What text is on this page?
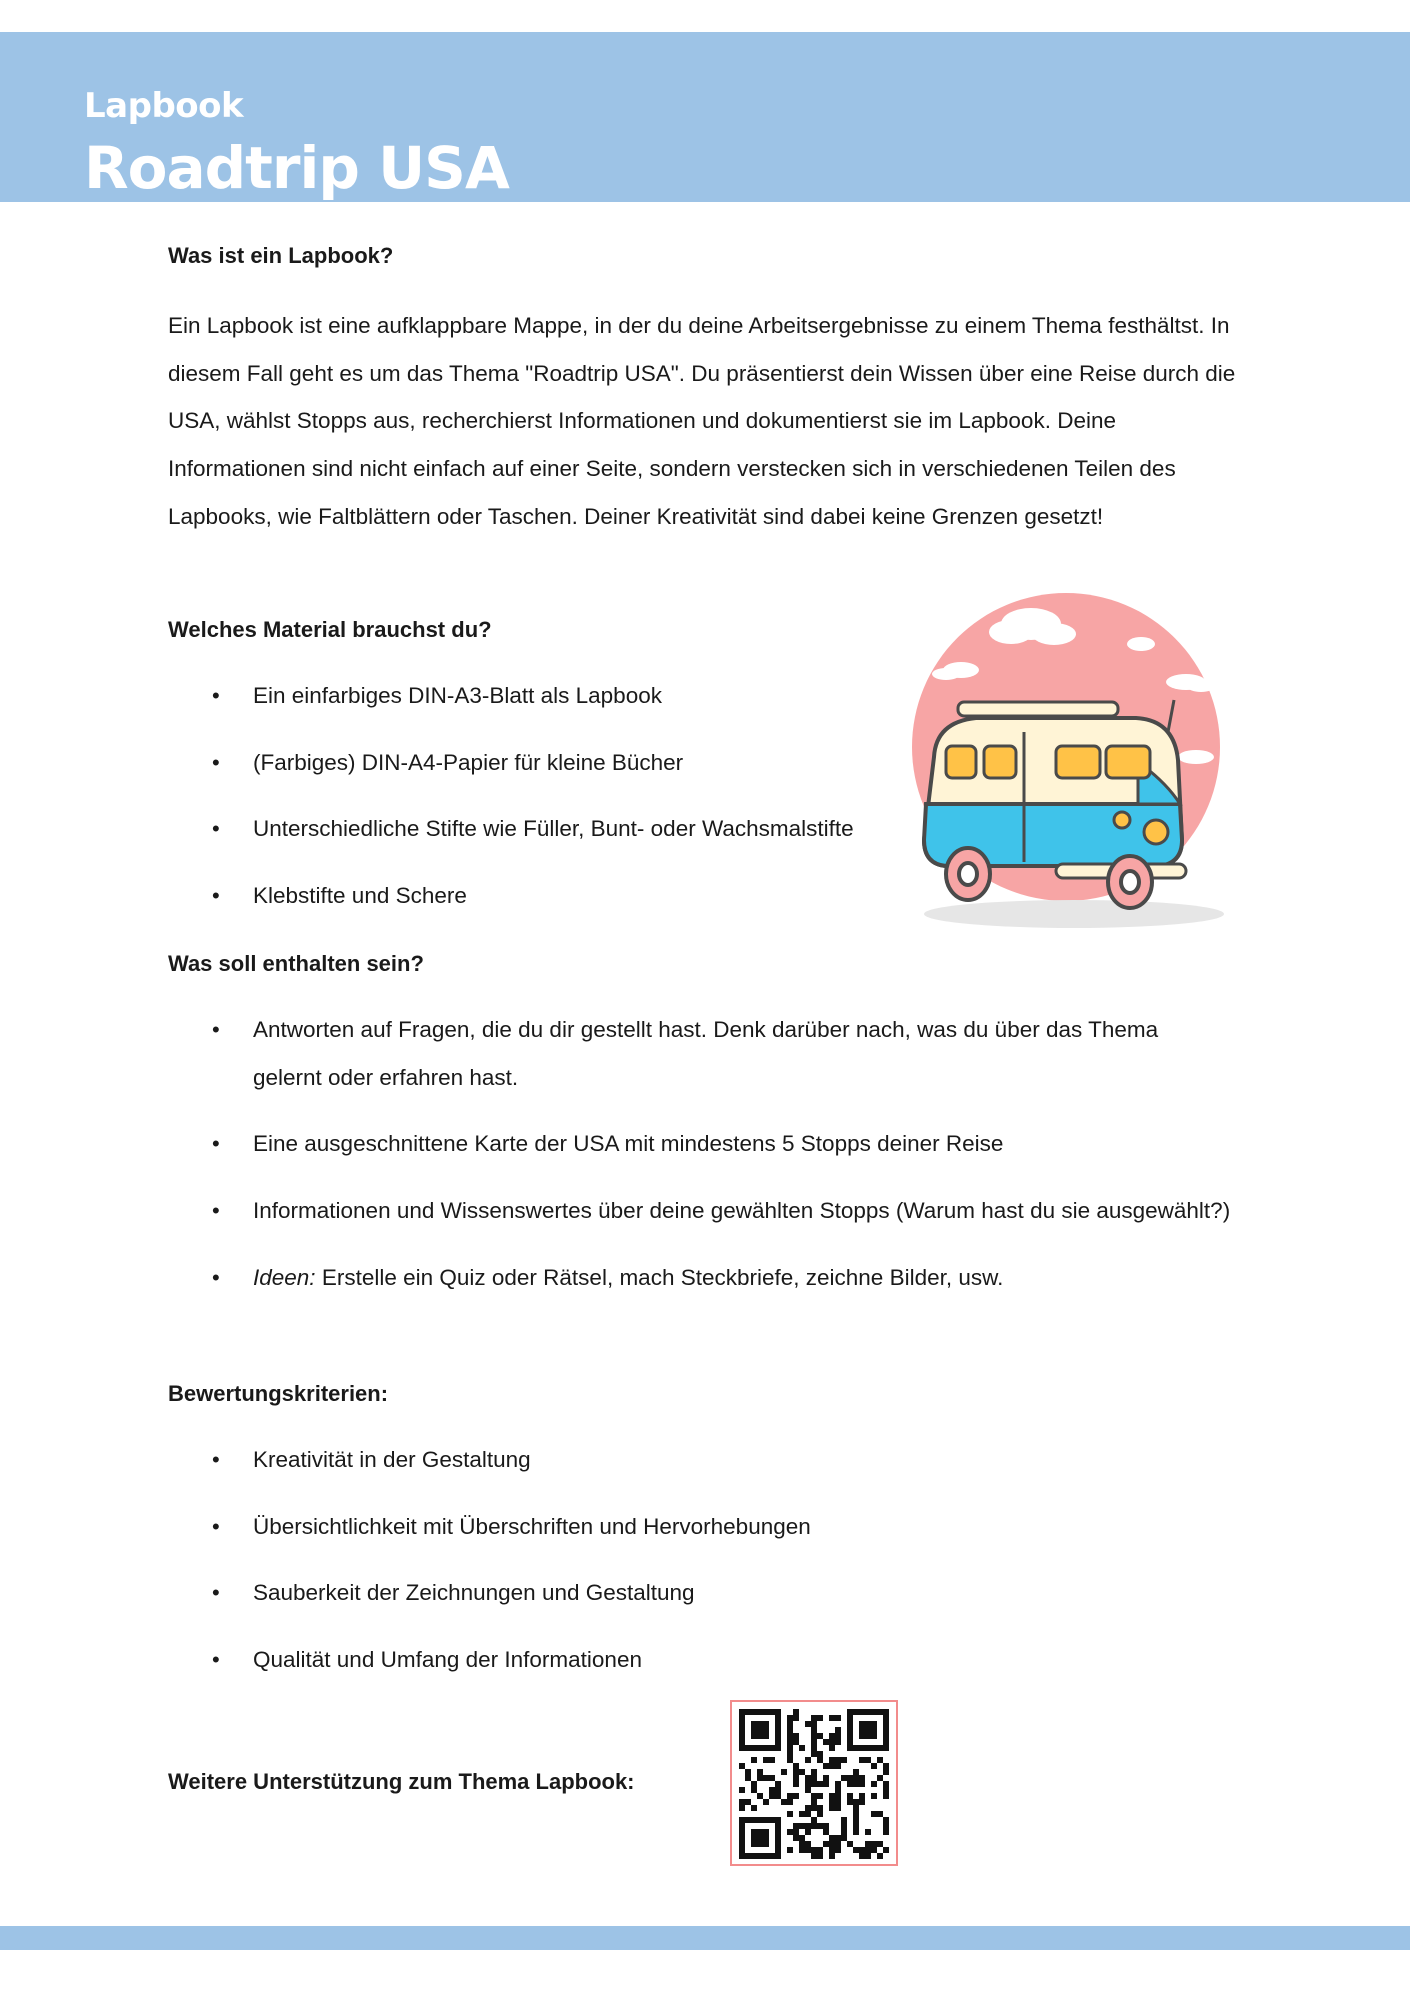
Lapbook

Roadtrip USA

Was ist ein Lapbook?

Ein Lapbook ist eine aufklappbare Mappe, in der du deine Arbeitsergebnisse zu einem Thema festhältst. In diesem Fall geht es um das Thema "Roadtrip USA". Du präsentierst dein Wissen über eine Reise durch die USA, wählst Stopps aus, recherchierst Informationen und dokumentierst sie im Lapbook. Deine Informationen sind nicht einfach auf einer Seite, sondern verstecken sich in verschiedenen Teilen des Lapbooks, wie Faltblättern oder Taschen. Deiner Kreativität sind dabei keine Grenzen gesetzt!

Welches Material brauchst du?

• Ein einfarbiges DIN-A3-Blatt als Lapbook
• (Farbiges) DIN-A4-Papier für kleine Bücher
• Unterschiedliche Stifte wie Füller, Bunt- oder Wachsmalstifte
• Klebstifte und Schere

Was soll enthalten sein?

• Antworten auf Fragen, die du dir gestellt hast. Denk darüber nach, was du über das Thema gelernt oder erfahren hast.
• Eine ausgeschnittene Karte der USA mit mindestens 5 Stopps deiner Reise
• Informationen und Wissenswertes über deine gewählten Stopps (Warum hast du sie ausgewählt?)
• Ideen: Erstelle ein Quiz oder Rätsel, mach Steckbriefe, zeichne Bilder, usw.

Bewertungskriterien:

• Kreativität in der Gestaltung
• Übersichtlichkeit mit Überschriften und Hervorhebungen
• Sauberkeit der Zeichnungen und Gestaltung
• Qualität und Umfang der Informationen

Weitere Unterstützung zum Thema Lapbook:
